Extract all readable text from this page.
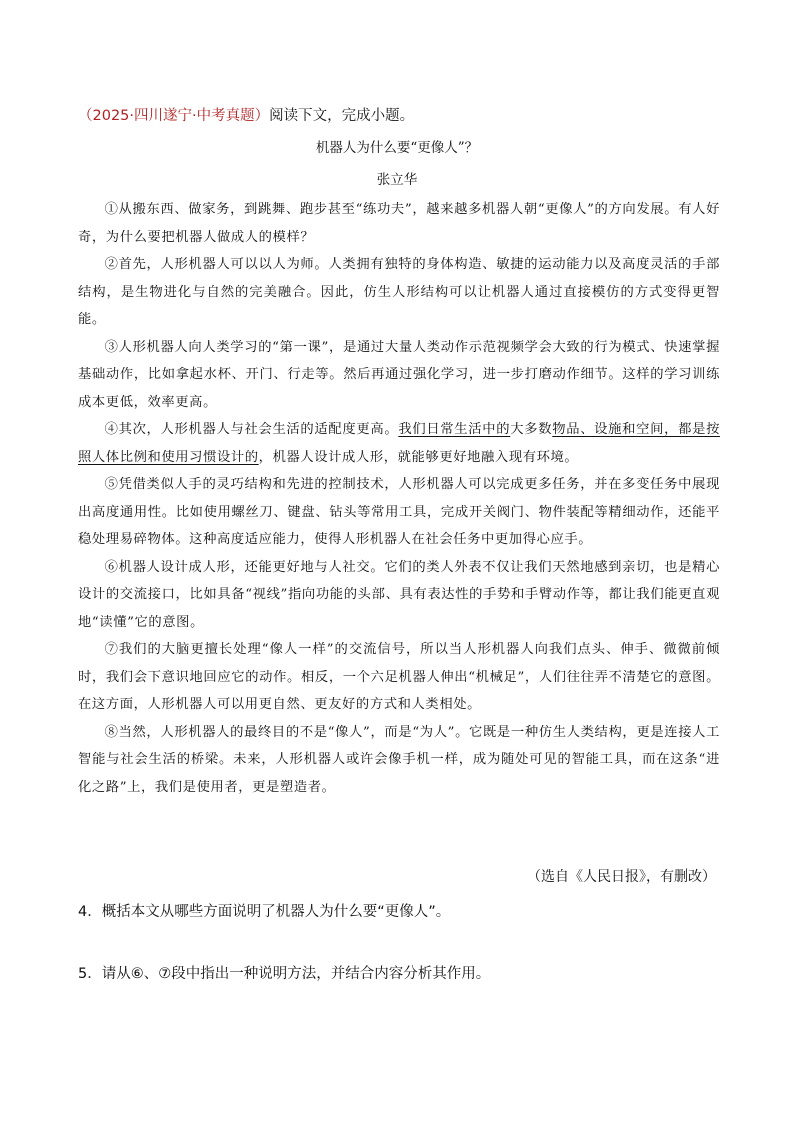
（2025·四川遂宁·中考真题）阅读下文，完成小题。
机器人为什么要“更像人”？
张立华

①从搬东西、做家务，到跳舞、跑步甚至“练功夫”，越来越多机器人朝“更像人”的方向发展。有人好奇，为什么要把机器人做成人的模样？

②首先，人形机器人可以以人为师。人类拥有独特的身体构造、敏捷的运动能力以及高度灵活的手部结构，是生物进化与自然的完美融合。因此，仿生人形结构可以让机器人通过直接模仿的方式变得更智能。

③人形机器人向人类学习的“第一课”，是通过大量人类动作示范视频学会大致的行为模式、快速掌握基础动作，比如拿起水杯、开门、行走等。然后再通过强化学习，进一步打磨动作细节。这样的学习训练成本更低，效率更高。

④其次，人形机器人与社会生活的适配度更高。我们日常生活中的大多数物品、设施和空间，都是按照人体比例和使用习惯设计的，机器人设计成人形，就能够更好地融入现有环境。

⑤凭借类似人手的灵巧结构和先进的控制技术，人形机器人可以完成更多任务，并在多变任务中展现出高度通用性。比如使用螺丝刀、键盘、钻头等常用工具，完成开关阀门、物件装配等精细动作，还能平稳处理易碎物体。这种高度适应能力，使得人形机器人在社会任务中更加得心应手。

⑥机器人设计成人形，还能更好地与人社交。它们的类人外表不仅让我们天然地感到亲切，也是精心设计的交流接口，比如具备“视线”指向功能的头部、具有表达性的手势和手臂动作等，都让我们能更直观地“读懂”它的意图。

⑦我们的大脑更擅长处理“像人一样”的交流信号，所以当人形机器人向我们点头、伸手、微微前倾时，我们会下意识地回应它的动作。相反，一个六足机器人伸出“机械足”，人们往往弄不清楚它的意图。在这方面，人形机器人可以用更自然、更友好的方式和人类相处。

⑧当然，人形机器人的最终目的不是“像人”，而是“为人”。它既是一种仿生人类结构，更是连接人工智能与社会生活的桥梁。未来，人形机器人或许会像手机一样，成为随处可见的智能工具，而在这条“进化之路”上，我们是使用者，更是塑造者。

（选自《人民日报》，有删改）
4．概括本文从哪些方面说明了机器人为什么要“更像人”。
5．请从⑥、⑦段中指出一种说明方法，并结合内容分析其作用。
